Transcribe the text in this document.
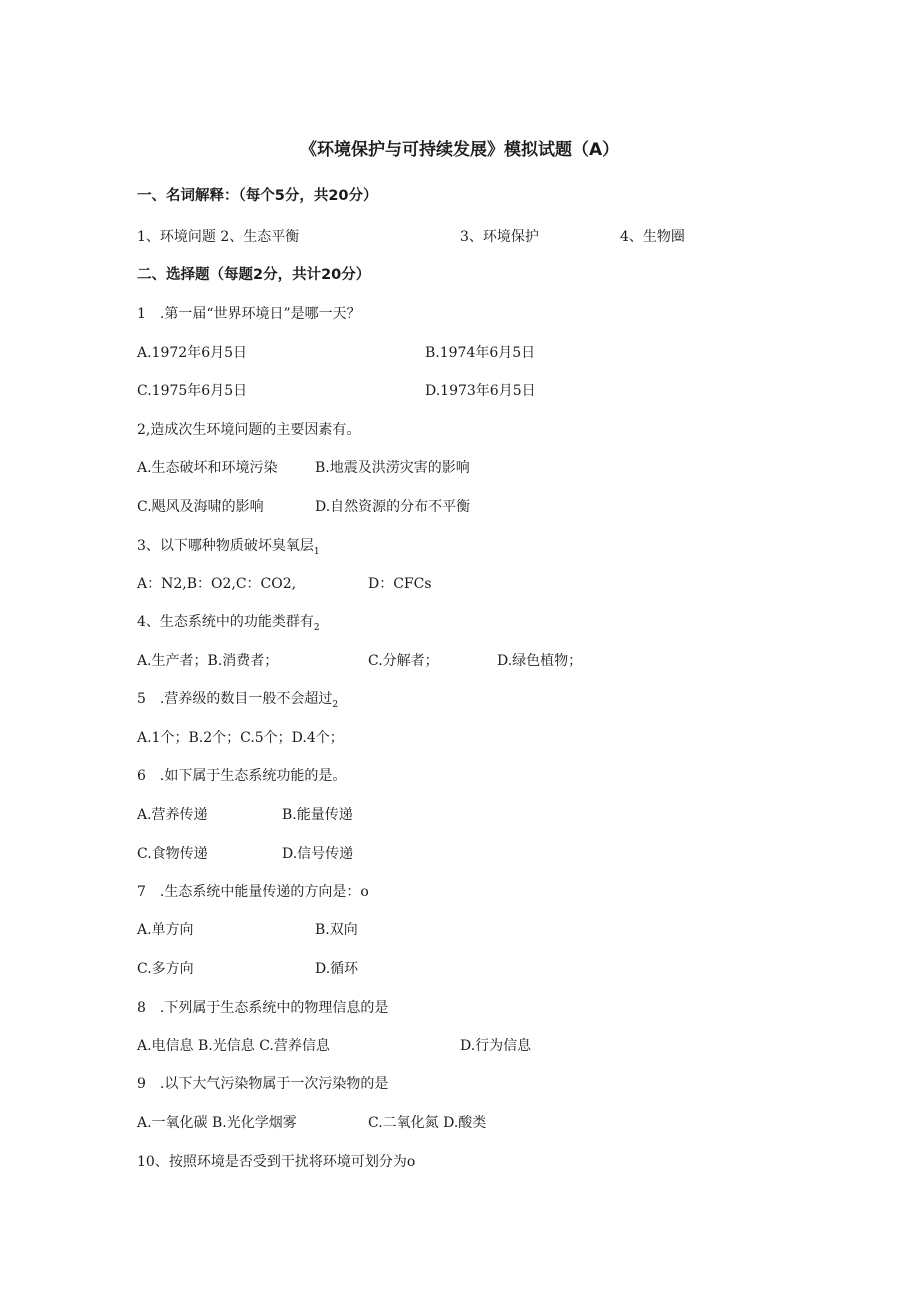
《环境保护与可持续发展》模拟试题（A）
一、名词解释：（每个5分，共20分）
1、环境问题 2、生态平衡	3、环境保护	4、生物圈
二、选择题（每题2分，共计20分）
1　.第一届“世界环境日”是哪一天？
A.1972年6月5日	B.1974年6月5日
C.1975年6月5日	D.1973年6月5日
2,造成次生环境问题的主要因素有。
A.生态破坏和环境污染	B.地震及洪涝灾害的影响
C.飓风及海啸的影响	D.自然资源的分布不平衡
3、以下哪种物质破坏臭氧层$_1$
A：N2,B：O2,C：CO2,	D：CFCs
4、生态系统中的功能类群有$_2$
A.生产者；B.消费者；	C.分解者；	D.绿色植物；
5　.营养级的数目一般不会超过$_2$
A.1个；B.2个；C.5个；D.4个；
6　.如下属于生态系统功能的是。
A.营养传递	B.能量传递
C.食物传递	D.信号传递
7　.生态系统中能量传递的方向是：o
A.单方向	B.双向
C.多方向	D.循环
8　.下列属于生态系统中的物理信息的是
A.电信息 B.光信息 C.营养信息	D.行为信息
9　.以下大气污染物属于一次污染物的是
A.一氧化碳 B.光化学烟雾	C.二氧化氮 D.酸类
10、按照环境是否受到干扰将环境可划分为o
